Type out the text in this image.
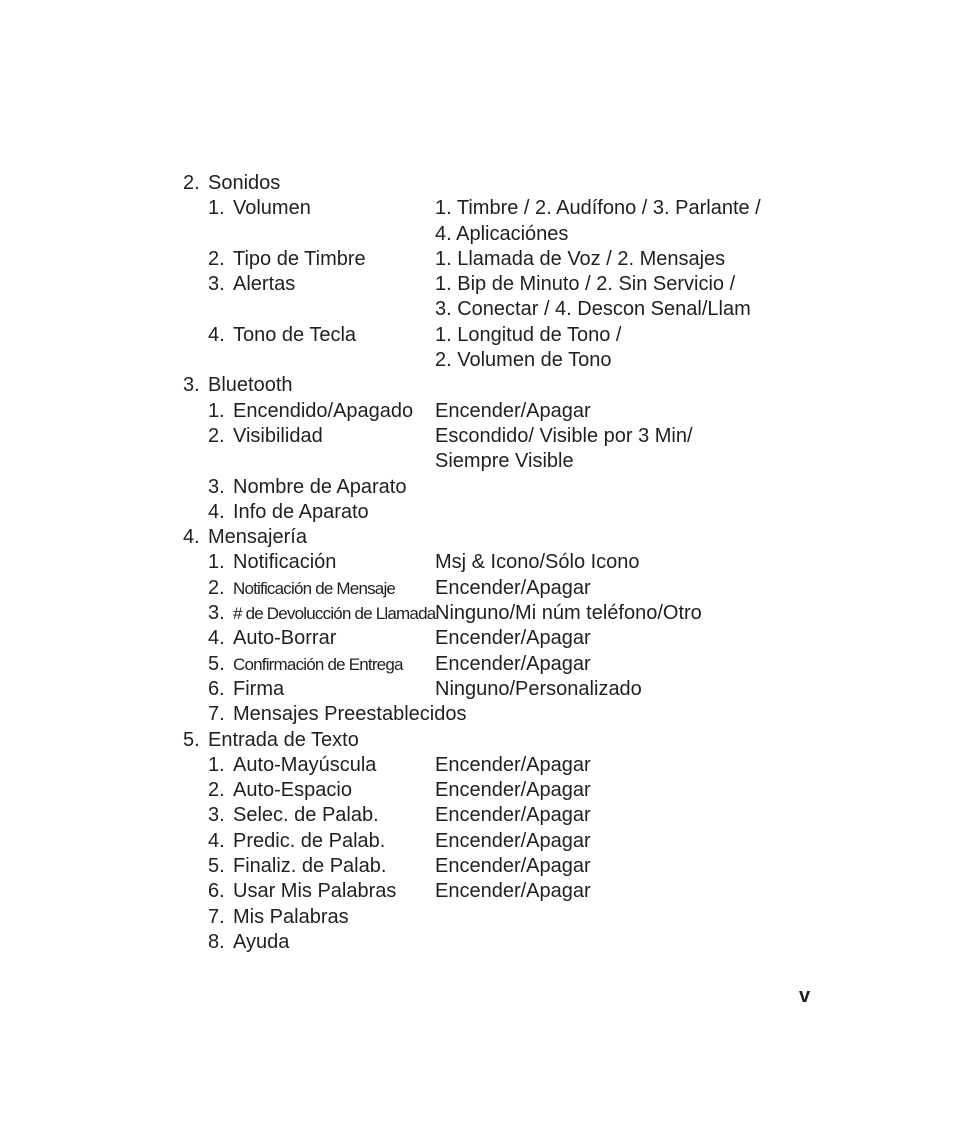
2. Sonidos
1. Volumen	1. Timbre / 2. Audífono / 3. Parlante /
4. Aplicaciónes
2. Tipo de Timbre	1. Llamada de Voz / 2. Mensajes
3. Alertas	1. Bip de Minuto / 2. Sin Servicio /
3. Conectar / 4. Descon Senal/Llam
4. Tono de Tecla	1. Longitud de Tono /
2. Volumen de Tono
3. Bluetooth
1. Encendido/Apagado Encender/Apagar
2. Visibilidad	Escondido/ Visible por 3 Min/
Siempre Visible
3. Nombre de Aparato
4. Info de Aparato
4. Mensajería
1. Notificación	Msj & Icono/Sólo Icono
2. Notificación de Mensaje Encender/Apagar
3. # de Devolucción de Llamada Ninguno/Mi núm teléfono/Otro
4. Auto-Borrar	Encender/Apagar
5. Confirmación de Entrega Encender/Apagar
6. Firma	Ninguno/Personalizado
7. Mensajes Preestablecidos
5. Entrada de Texto
1. Auto-Mayúscula	Encender/Apagar
2. Auto-Espacio	Encender/Apagar
3. Selec. de Palab.	Encender/Apagar
4. Predic. de Palab. Encender/Apagar
5. Finaliz. de Palab. Encender/Apagar
6. Usar Mis Palabras Encender/Apagar
7. Mis Palabras
8. Ayuda
v
